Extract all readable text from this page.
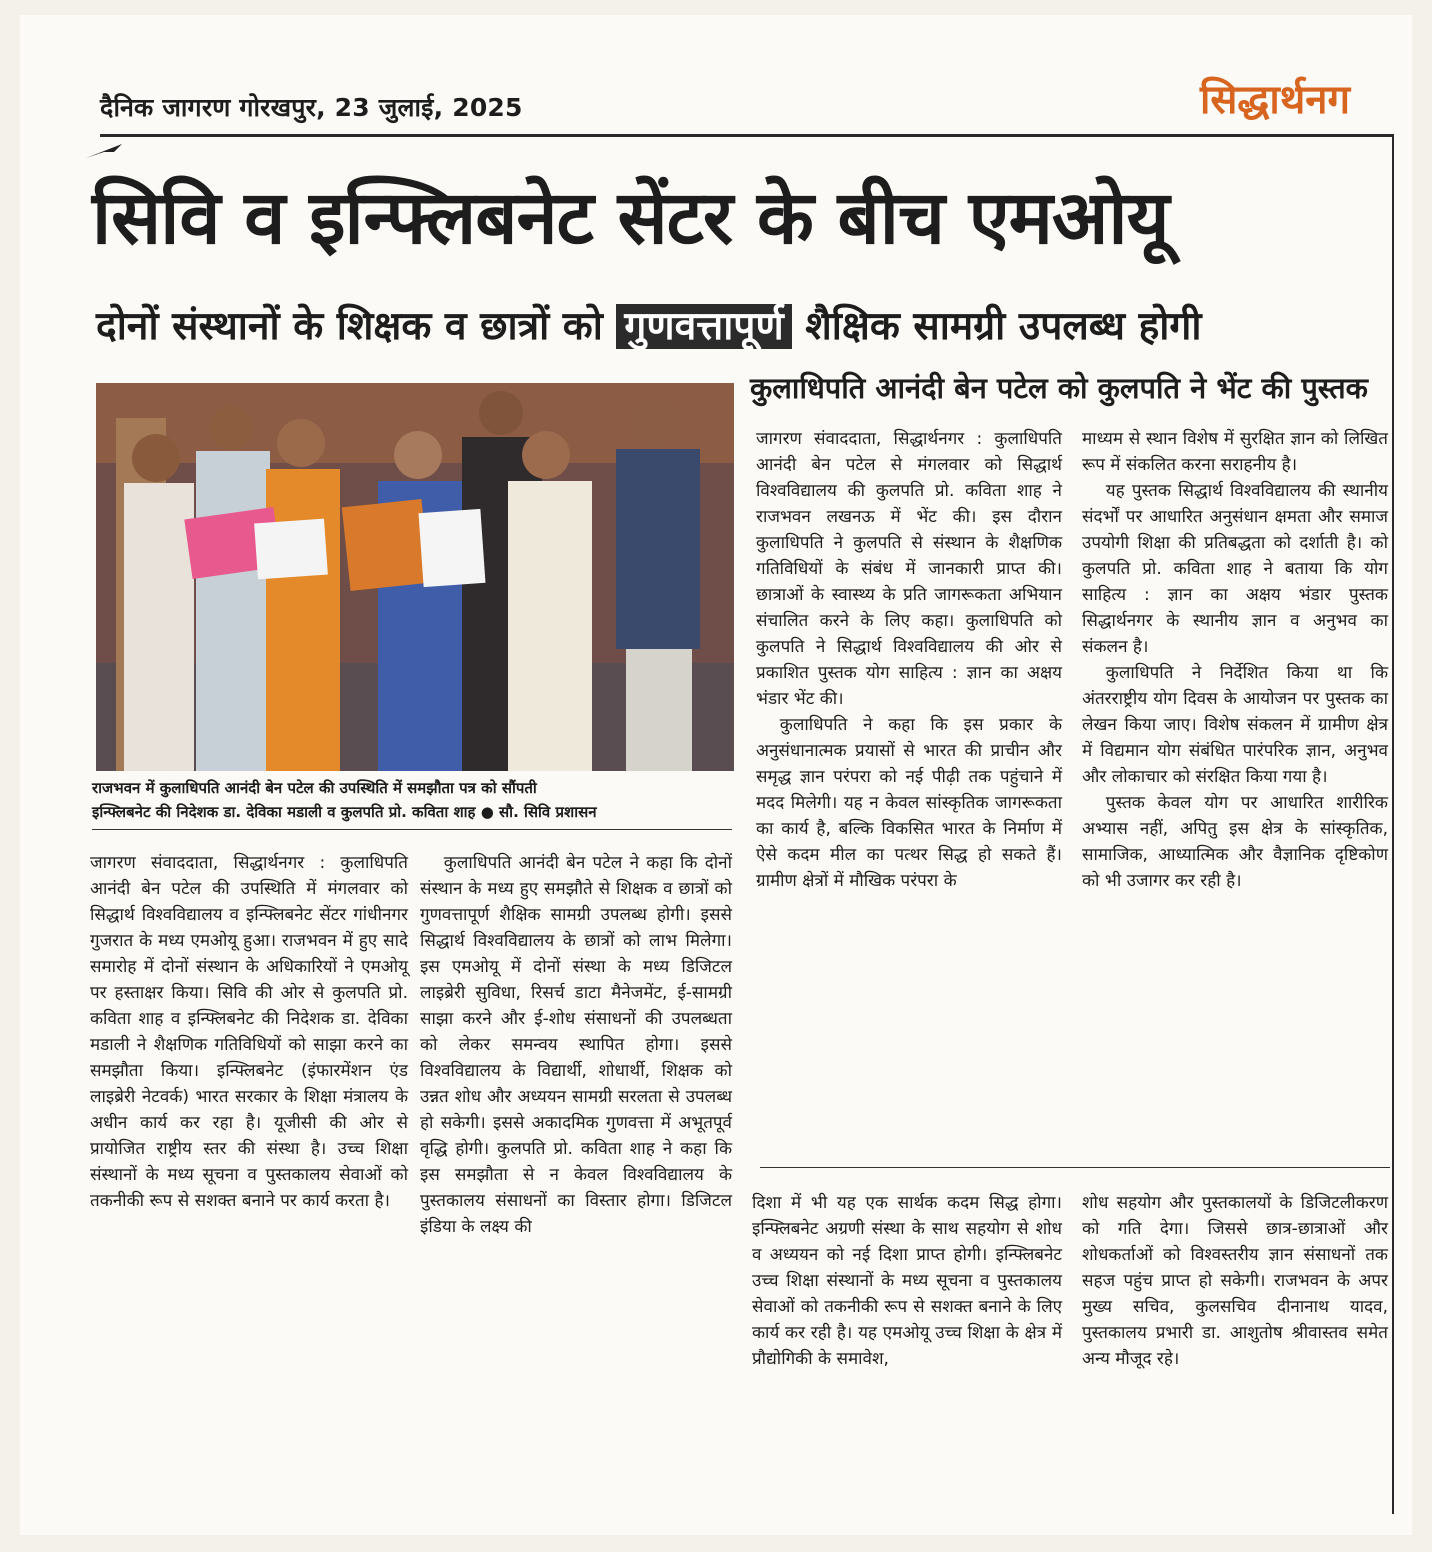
दैनिक जागरण गोरखपुर, 23 जुलाई, 2025	सिद्धार्थनग
सिवि व इन्फ्लिबनेट सेंटर के बीच एमओयू
दोनों संस्थानों के शिक्षक व छात्रों को गुणवत्तापूर्ण शैक्षिक सामग्री उपलब्ध होगी
राजभवन में कुलाधिपति आनंदी बेन पटेल की उपस्थिति में समझौता पत्र को सौंपती
इन्फ्लिबनेट की निदेशक डा. देविका मडाली व कुलपति प्रो. कविता शाह ● सौ. सिवि प्रशासन

जागरण संवाददाता, सिद्धार्थनगर : कुलाधिपति आनंदी बेन पटेल की उपस्थिति में मंगलवार को सिद्धार्थ विश्वविद्यालय व इन्फ्लिबनेट सेंटर गांधीनगर गुजरात के मध्य एमओयू हुआ। राजभवन में हुए सादे समारोह में दोनों संस्थान के अधिकारियों ने एमओयू पर हस्ताक्षर किया। सिवि की ओर से कुलपति प्रो. कविता शाह व इन्फ्लिबनेट की निदेशक डा. देविका मडाली ने शैक्षणिक गतिविधियों को साझा करने का समझौता किया। इन्फ्लिबनेट (इंफारमेंशन एंड लाइब्रेरी नेटवर्क) भारत सरकार के शिक्षा मंत्रालय के अधीन कार्य कर रहा है। यूजीसी की ओर से प्रायोजित राष्ट्रीय स्तर की संस्था है। उच्च शिक्षा संस्थानों के मध्य सूचना व पुस्तकालय सेवाओं को तकनीकी रूप से सशक्त बनाने पर कार्य करता है।

कुलाधिपति आनंदी बेन पटेल ने कहा कि दोनों संस्थान के मध्य हुए समझौते से शिक्षक व छात्रों को गुणवत्तापूर्ण शैक्षिक सामग्री उपलब्ध होगी। इससे सिद्धार्थ विश्वविद्यालय के छात्रों को लाभ मिलेगा। इस एमओयू में दोनों संस्था के मध्य डिजिटल लाइब्रेरी सुविधा, रिसर्च डाटा मैनेजमेंट, ई-सामग्री साझा करने और ई-शोध संसाधनों की उपलब्धता को लेकर समन्वय स्थापित होगा। इससे विश्वविद्यालय के विद्यार्थी, शोधार्थी, शिक्षक को उन्नत शोध और अध्ययन सामग्री सरलता से उपलब्ध हो सकेगी। इससे अकादमिक गुणवत्ता में अभूतपूर्व वृद्धि होगी। कुलपति प्रो. कविता शाह ने कहा कि इस समझौता से न केवल विश्वविद्यालय के पुस्तकालय संसाधनों का विस्तार होगा। डिजिटल इंडिया के लक्ष्य की

दिशा में भी यह एक सार्थक कदम सिद्ध होगा। इन्फ्लिबनेट अग्रणी संस्था के साथ सहयोग से शोध व अध्ययन को नई दिशा प्राप्त होगी। इन्फ्लिबनेट उच्च शिक्षा संस्थानों के मध्य सूचना व पुस्तकालय सेवाओं को तकनीकी रूप से सशक्त बनाने के लिए कार्य कर रही है। यह एमओयू उच्च शिक्षा के क्षेत्र में प्रौद्योगिकी के समावेश,

शोध सहयोग और पुस्तकालयों के डिजिटलीकरण को गति देगा। जिससे छात्र-छात्राओं और शोधकर्ताओं को विश्वस्तरीय ज्ञान संसाधनों तक सहज पहुंच प्राप्त हो सकेगी। राजभवन के अपर मुख्य सचिव, कुलसचिव दीनानाथ यादव, पुस्तकालय प्रभारी डा. आशुतोष श्रीवास्तव समेत अन्य मौजूद रहे।

कुलाधिपति आनंदी बेन पटेल को कुलपति ने भेंट की पुस्तक

जागरण संवाददाता, सिद्धार्थनगर : कुलाधिपति आनंदी बेन पटेल से मंगलवार को सिद्धार्थ विश्वविद्यालय की कुलपति प्रो. कविता शाह ने राजभवन लखनऊ में भेंट की। इस दौरान कुलाधिपति ने कुलपति से संस्थान के शैक्षणिक गतिविधियों के संबंध में जानकारी प्राप्त की। छात्राओं के स्वास्थ्य के प्रति जागरूकता अभियान संचालित करने के लिए कहा। कुलाधिपति को कुलपति ने सिद्धार्थ विश्वविद्यालय की ओर से प्रकाशित पुस्तक योग साहित्य : ज्ञान का अक्षय भंडार भेंट की।

कुलाधिपति ने कहा कि इस प्रकार के अनुसंधानात्मक प्रयासों से भारत की प्राचीन और समृद्ध ज्ञान परंपरा को नई पीढ़ी तक पहुंचाने में मदद मिलेगी। यह न केवल सांस्कृतिक जागरूकता का कार्य है, बल्कि विकसित भारत के निर्माण में ऐसे कदम मील का पत्थर सिद्ध हो सकते हैं। ग्रामीण क्षेत्रों में मौखिक परंपरा के

माध्यम से स्थान विशेष में सुरक्षित ज्ञान को लिखित रूप में संकलित करना सराहनीय है।

यह पुस्तक सिद्धार्थ विश्वविद्यालय की स्थानीय संदर्भों पर आधारित अनुसंधान क्षमता और समाज उपयोगी शिक्षा की प्रतिबद्धता को दर्शाती है। को कुलपति प्रो. कविता शाह ने बताया कि योग साहित्य : ज्ञान का अक्षय भंडार पुस्तक सिद्धार्थनगर के स्थानीय ज्ञान व अनुभव का संकलन है।

कुलाधिपति ने निर्देशित किया था कि अंतरराष्ट्रीय योग दिवस के आयोजन पर पुस्तक का लेखन किया जाए। विशेष संकलन में ग्रामीण क्षेत्र में विद्यमान योग संबंधित पारंपरिक ज्ञान, अनुभव और लोकाचार को संरक्षित किया गया है।

पुस्तक केवल योग पर आधारित शारीरिक अभ्यास नहीं, अपितु इस क्षेत्र के सांस्कृतिक, सामाजिक, आध्यात्मिक और वैज्ञानिक दृष्टिकोण को भी उजागर कर रही है।
